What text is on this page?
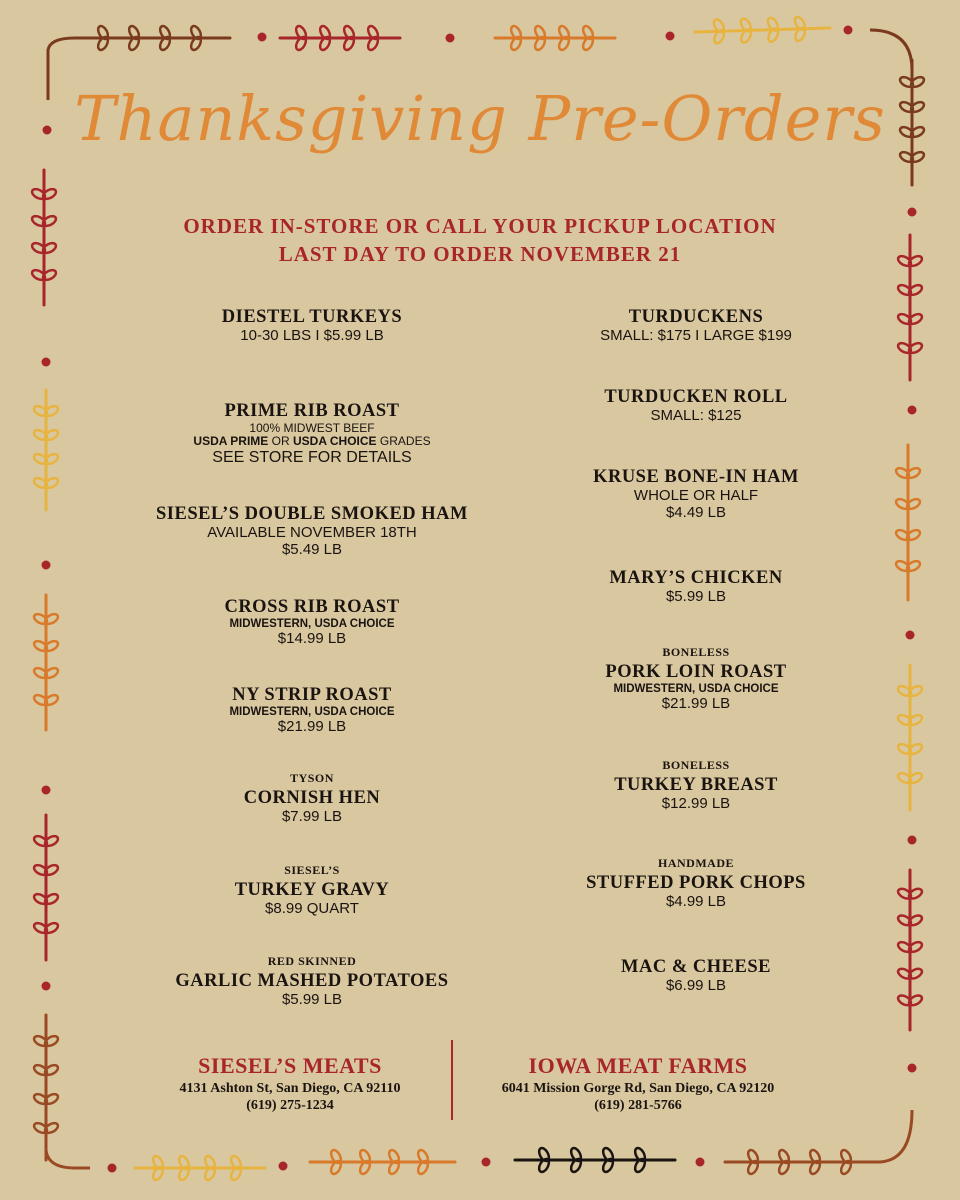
Thanksgiving Pre-Orders
ORDER IN-STORE OR CALL YOUR PICKUP LOCATION
LAST DAY TO ORDER NOVEMBER 21
DIESTEL TURKEYS
10-30 LBS I $5.99 LB
PRIME RIB ROAST
100% MIDWEST BEEF
USDA PRIME OR USDA CHOICE GRADES
SEE STORE FOR DETAILS
SIESEL’S DOUBLE SMOKED HAM
AVAILABLE NOVEMBER 18TH
$5.49 LB
CROSS RIB ROAST
MIDWESTERN, USDA CHOICE
$14.99 LB
NY STRIP ROAST
MIDWESTERN, USDA CHOICE
$21.99 LB
TYSON
CORNISH HEN
$7.99 LB
SIESEL’S
TURKEY GRAVY
$8.99 QUART
RED SKINNED
GARLIC MASHED POTATOES
$5.99 LB
TURDUCKENS
SMALL: $175 I LARGE $199
TURDUCKEN ROLL
SMALL: $125
KRUSE BONE-IN HAM
WHOLE OR HALF
$4.49 LB
MARY’S CHICKEN
$5.99 LB
BONELESS
PORK LOIN ROAST
MIDWESTERN, USDA CHOICE
$21.99 LB
BONELESS
TURKEY BREAST
$12.99 LB
HANDMADE
STUFFED PORK CHOPS
$4.99 LB
MAC & CHEESE
$6.99 LB
SIESEL’S MEATS
4131 Ashton St, San Diego, CA 92110
(619) 275-1234
IOWA MEAT FARMS
6041 Mission Gorge Rd, San Diego, CA 92120
(619) 281-5766
